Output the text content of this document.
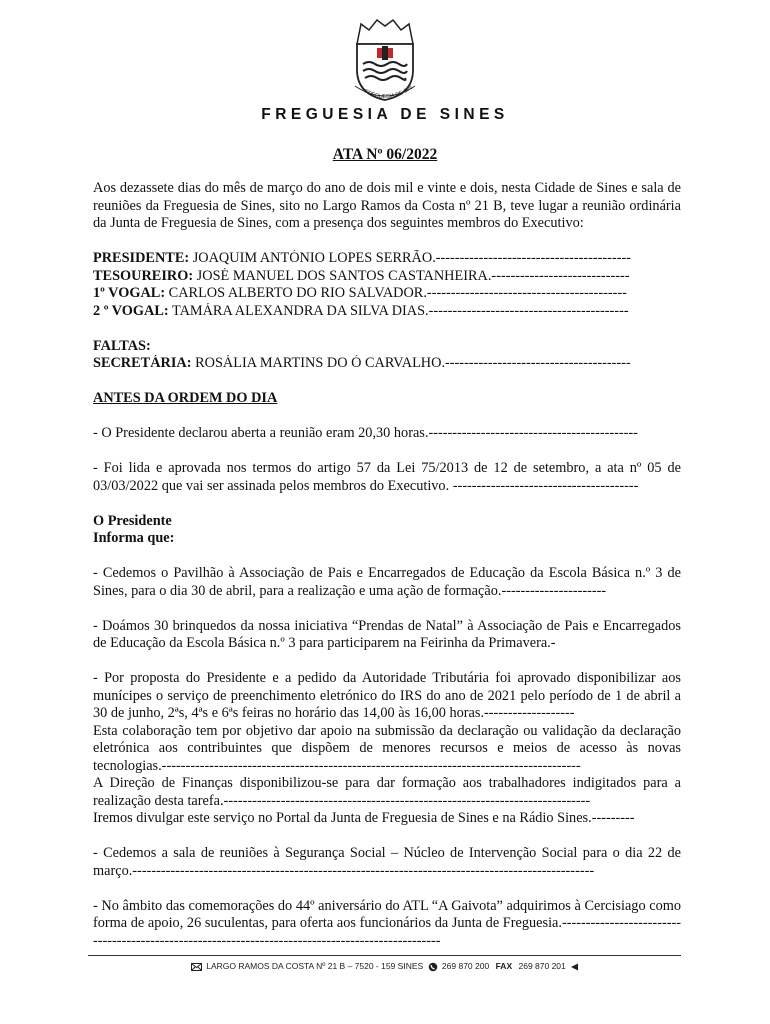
FREGUESIA DE SIN
FREGUESIA DE SINES
ATA Nº 06/2022

Aos dezassete dias do mês de março do ano de dois mil e vinte e dois, nesta Cidade de Sines e sala de reuniões da Freguesia de Sines, sito no Largo Ramos da Costa nº 21 B, teve lugar a reunião ordinária da Junta de Freguesia de Sines, com a presença dos seguintes membros do Executivo:

PRESIDENTE: JOAQUIM ANTÓNIO LOPES SERRÃO.-----------------------------------------
TESOUREIRO: JOSÉ MANUEL DOS SANTOS CASTANHEIRA.-----------------------------
1º VOGAL: CARLOS ALBERTO DO RIO SALVADOR.------------------------------------------
2 º VOGAL: TAMÁRA ALEXANDRA DA SILVA DIAS.------------------------------------------
FALTAS:
SECRETÁRIA: ROSÁLIA MARTINS DO Ó CARVALHO.---------------------------------------
ANTES DA ORDEM DO DIA

- O Presidente declarou aberta a reunião eram 20,30 horas.--------------------------------------------

- Foi lida e aprovada nos termos do artigo 57 da Lei 75/2013 de 12 de setembro, a ata nº 05 de 03/03/2022 que vai ser assinada pelos membros do Executivo. ---------------------------------------

O Presidente
Informa que:

- Cedemos o Pavilhão à Associação de Pais e Encarregados de Educação da Escola Básica n.º 3 de Sines, para o dia 30 de abril, para a realização e uma ação de formação.----------------------

- Doámos 30 brinquedos da nossa iniciativa “Prendas de Natal” à Associação de Pais e Encarregados de Educação da Escola Básica n.º 3 para participarem na Feirinha da Primavera.-

- Por proposta do Presidente e a pedido da Autoridade Tributária foi aprovado disponibilizar aos munícipes o serviço de preenchimento eletrónico do IRS do ano de 2021 pelo período de 1 de abril a 30 de junho, 2ªs, 4ªs e 6ªs feiras no horário das 14,00 às 16,00 horas.-------------------

Esta colaboração tem por objetivo dar apoio na submissão da declaração ou validação da declaração eletrónica aos contribuintes que dispõem de menores recursos e meios de acesso às novas tecnologias.----------------------------------------------------------------------------------------

A Direção de Finanças disponibilizou-se para dar formação aos trabalhadores indigitados para a realização desta tarefa.-----------------------------------------------------------------------------

Iremos divulgar este serviço no Portal da Junta de Freguesia de Sines e na Rádio Sines.---------

- Cedemos a sala de reuniões à Segurança Social – Núcleo de Intervenção Social para o dia 22 de março.-------------------------------------------------------------------------------------------------

- No âmbito das comemorações do 44º aniversário do ATL “A Gaivota” adquirimos à Cercisiago como forma de apoio, 26 suculentas, para oferta aos funcionários da Junta de Freguesia.--------------------------------------------------------------------------------------------------

LARGO RAMOS DA COSTA Nº 21 B – 7520 - 159 SINES 269 870 200 FAX 269 870 201
